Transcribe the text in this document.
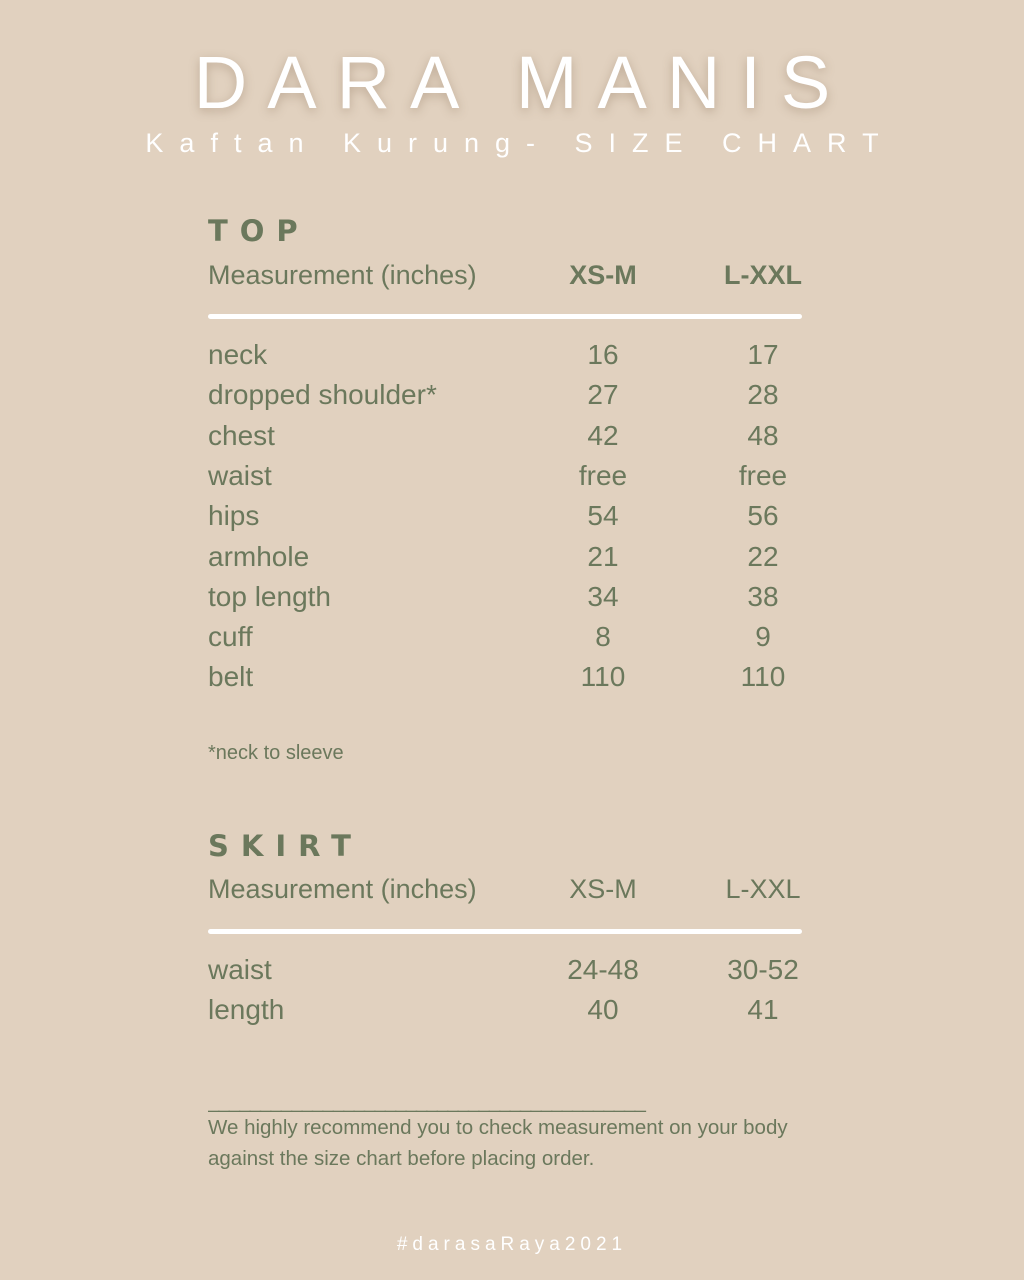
DARA MANIS
Kaftan Kurung- SIZE CHART
TOP
Measurement (inches)	XS-M	L-XXL
neck	16	17
dropped shoulder*	27	28
chest	42	48
waist	free	free
hips	54	56
armhole	21	22
top length	34	38
cuff	8	9
belt	110	110
*neck to sleeve
SKIRT
Measurement (inches)	XS-M	L-XXL
waist	24-48	30-52
length	40	41
__________________________________________
We highly recommend you to check measurement on your body against the size chart before placing order.
#darasaRaya2021
